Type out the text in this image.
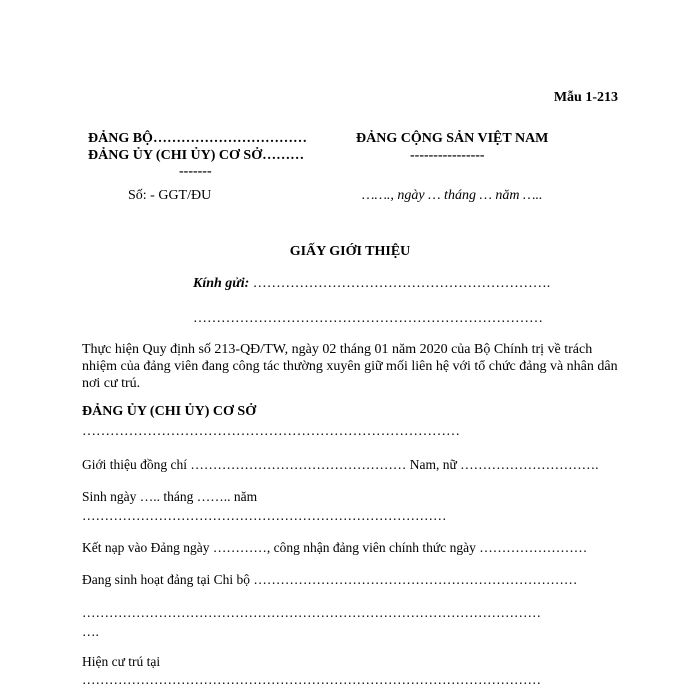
Mẫu 1-213
ĐẢNG BỘ……………………………
ĐẢNG ỦY (CHI ỦY) CƠ SỞ………
-------
Số: - GGT/ĐU
ĐẢNG CỘNG SẢN VIỆT NAM
----------------
……., ngày … tháng … năm …..
GIẤY GIỚI THIỆU
Kính gửi: ……………………………………………………….
…………………………………………………………………
Thực hiện Quy định số 213-QĐ/TW, ngày 02 tháng 01 năm 2020 của Bộ Chính trị về trách nhiệm của đảng viên đang công tác thường xuyên giữ mối liên hệ với tổ chức đảng và nhân dân nơi cư trú.
ĐẢNG ỦY (CHI ỦY) CƠ SỞ
………………………………………………………………………
Giới thiệu đồng chí ………………………………………… Nam, nữ ………………………….
Sinh ngày ….. tháng …….. năm
………………………………………………………………………
Kết nạp vào Đảng ngày …………, công nhận đảng viên chính thức ngày ……………………
Đang sinh hoạt đảng tại Chi bộ ………………………………………………………………
…………………………………………………………………………………………
….
Hiện cư trú tại
…………………………………………………………………………………………
